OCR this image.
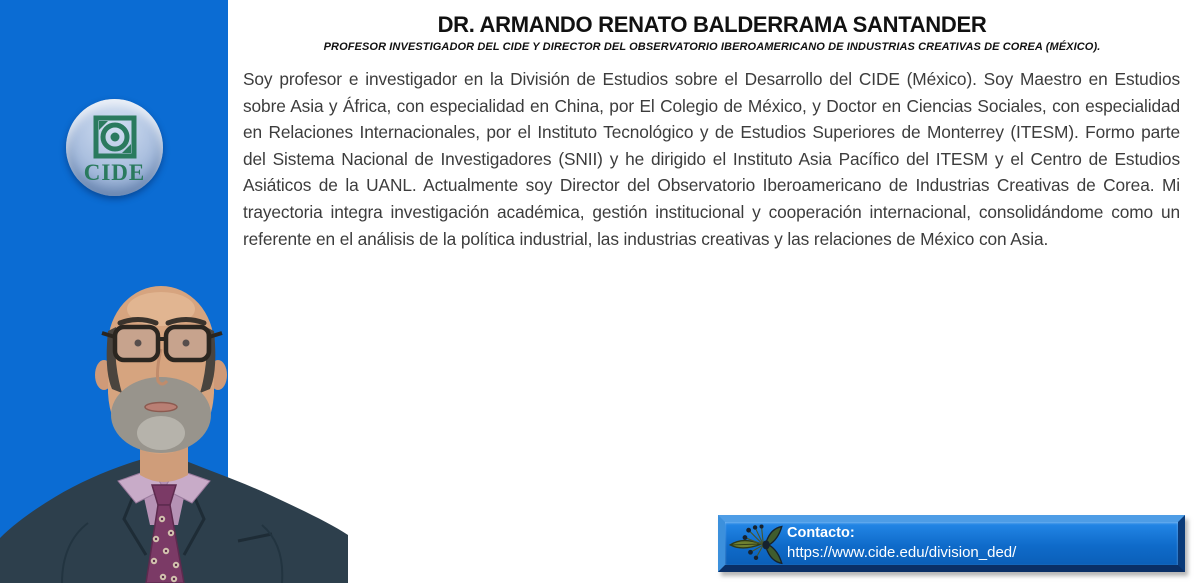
CIDE
DR. ARMANDO RENATO BALDERRAMA SANTANDER
PROFESOR INVESTIGADOR DEL CIDE Y DIRECTOR DEL OBSERVATORIO IBEROAMERICANO DE INDUSTRIAS CREATIVAS DE COREA (MÉXICO).
Soy profesor e investigador en la División de Estudios sobre el Desarrollo del CIDE (México). Soy Maestro en Estudios sobre Asia y África, con especialidad en China, por El Colegio de México, y Doctor en Ciencias Sociales, con especialidad en Relaciones Internacionales, por el Instituto Tecnológico y de Estudios Superiores de Monterrey (ITESM). Formo parte del Sistema Nacional de Investigadores (SNII) y he dirigido el Instituto Asia Pacífico del ITESM y el Centro de Estudios Asiáticos de la UANL. Actualmente soy Director del Observatorio Iberoamericano de Industrias Creativas de Corea. Mi trayectoria integra investigación académica, gestión institucional y cooperación internacional, consolidándome como un referente en el análisis de la política industrial, las industrias creativas y las relaciones de México con Asia.
Contacto:
https://www.cide.edu/division_ded/
